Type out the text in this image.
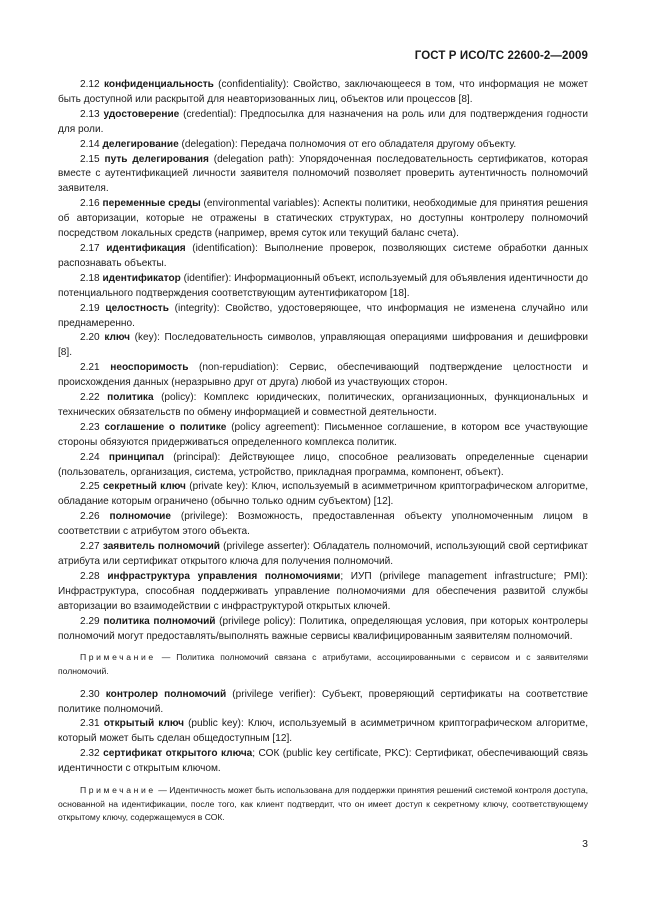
ГОСТ Р ИСО/ТС 22600-2—2009

2.12 конфиденциальность (confidentiality): Свойство, заключающееся в том, что информация не может быть доступной или раскрытой для неавторизованных лиц, объектов или процессов [8].

2.13 удостоверение (credential): Предпосылка для назначения на роль или для подтверждения годности для роли.

2.14 делегирование (delegation): Передача полномочия от его обладателя другому объекту.

2.15 путь делегирования (delegation path): Упорядоченная последовательность сертификатов, которая вместе с аутентификацией личности заявителя полномочий позволяет проверить аутентичность полномочий заявителя.

2.16 переменные среды (environmental variables): Аспекты политики, необходимые для принятия решения об авторизации, которые не отражены в статических структурах, но доступны контролеру полномочий посредством локальных средств (например, время суток или текущий баланс счета).

2.17 идентификация (identification): Выполнение проверок, позволяющих системе обработки данных распознавать объекты.

2.18 идентификатор (identifier): Информационный объект, используемый для объявления идентичности до потенциального подтверждения соответствующим аутентификатором [18].

2.19 целостность (integrity): Свойство, удостоверяющее, что информация не изменена случайно или преднамеренно.

2.20 ключ (key): Последовательность символов, управляющая операциями шифрования и дешифровки [8].

2.21 неоспоримость (non-repudiation): Сервис, обеспечивающий подтверждение целостности и происхождения данных (неразрывно друг от друга) любой из участвующих сторон.

2.22 политика (policy): Комплекс юридических, политических, организационных, функциональных и технических обязательств по обмену информацией и совместной деятельности.

2.23 соглашение о политике (policy agreement): Письменное соглашение, в котором все участвующие стороны обязуются придерживаться определенного комплекса политик.

2.24 принципал (principal): Действующее лицо, способное реализовать определенные сценарии (пользователь, организация, система, устройство, прикладная программа, компонент, объект).

2.25 секретный ключ (private key): Ключ, используемый в асимметричном криптографическом алгоритме, обладание которым ограничено (обычно только одним субъектом) [12].

2.26 полномочие (privilege): Возможность, предоставленная объекту уполномоченным лицом в соответствии с атрибутом этого объекта.

2.27 заявитель полномочий (privilege asserter): Обладатель полномочий, использующий свой сертификат атрибута или сертификат открытого ключа для получения полномочий.

2.28 инфраструктура управления полномочиями; ИУП (privilege management infrastructure; PMI): Инфраструктура, способная поддерживать управление полномочиями для обеспечения развитой службы авторизации во взаимодействии с инфраструктурой открытых ключей.

2.29 политика полномочий (privilege policy): Политика, определяющая условия, при которых контролеры полномочий могут предоставлять/выполнять важные сервисы квалифицированным заявителям полномочий.

Примечание — Политика полномочий связана с атрибутами, ассоциированными с сервисом и с заявителями полномочий.

2.30 контролер полномочий (privilege verifier): Субъект, проверяющий сертификаты на соответствие политике полномочий.

2.31 открытый ключ (public key): Ключ, используемый в асимметричном криптографическом алгоритме, который может быть сделан общедоступным [12].

2.32 сертификат открытого ключа; СОК (public key certificate, PKC): Сертификат, обеспечивающий связь идентичности с открытым ключом.

Примечание — Идентичность может быть использована для поддержки принятия решений системой контроля доступа, основанной на идентификации, после того, как клиент подтвердит, что он имеет доступ к секретному ключу, соответствующему открытому ключу, содержащемуся в СОК.

3
